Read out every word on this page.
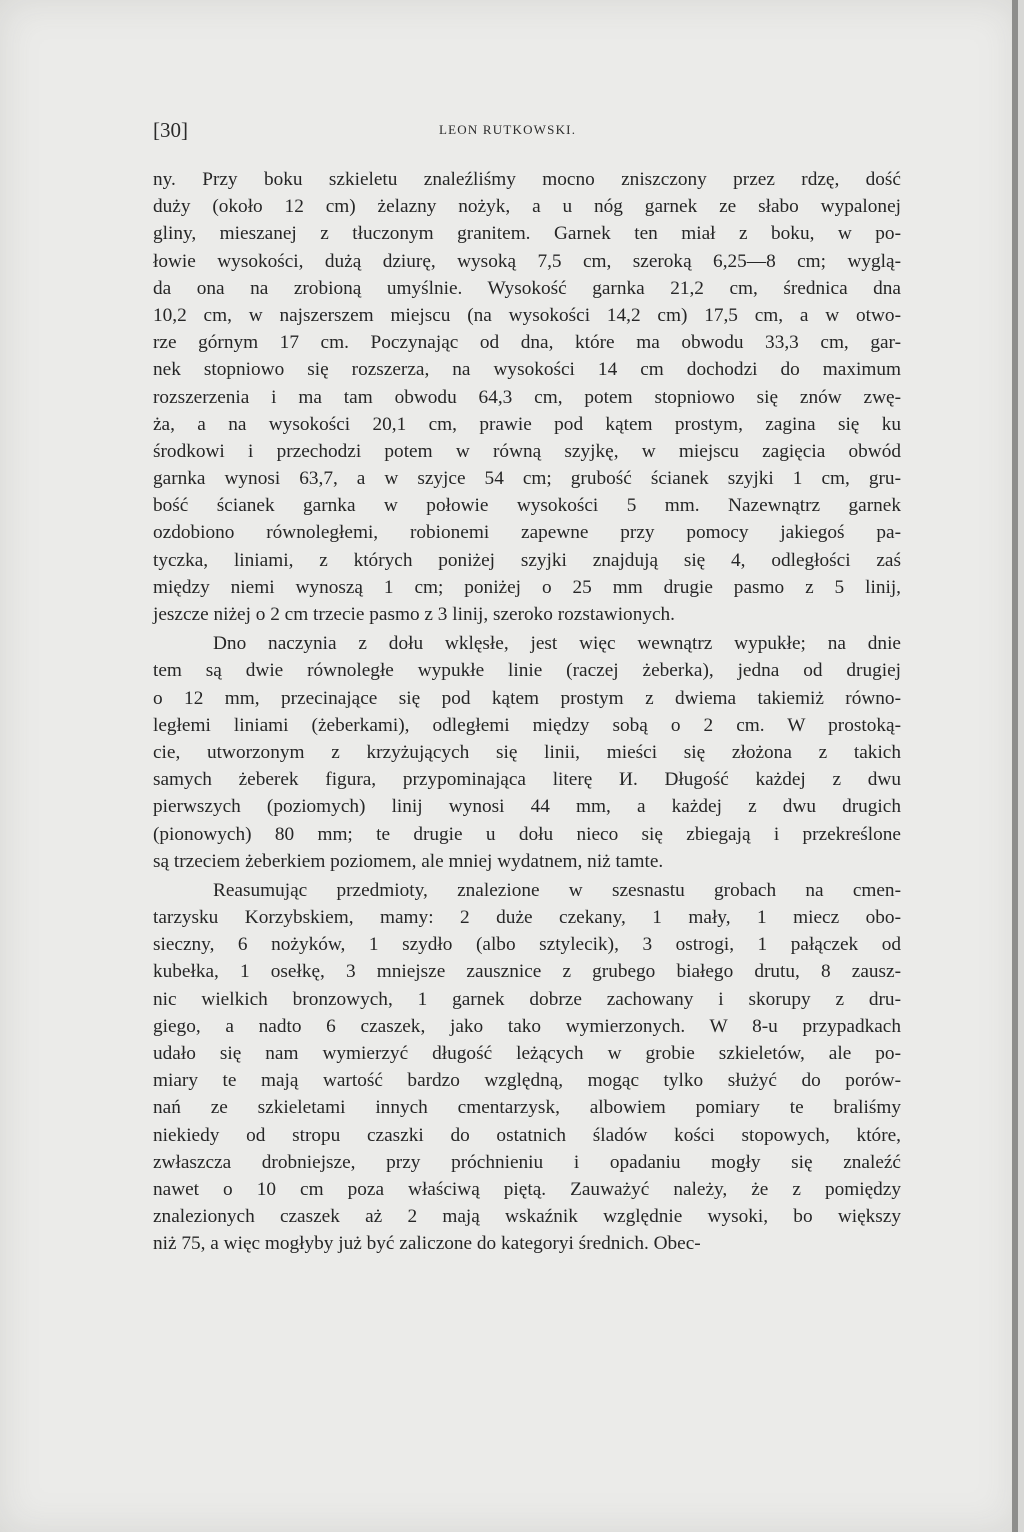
[30]	LEON RUTKOWSKI.
ny. Przy boku szkieletu znaleźliśmy mocno zniszczony przez rdzę, dość
duży (około 12 cm) żelazny nożyk, a u nóg garnek ze słabo wypalonej
gliny, mieszanej z tłuczonym granitem. Garnek ten miał z boku, w po-
łowie wysokości, dużą dziurę, wysoką 7,5 cm, szeroką 6,25—8 cm; wyglą-
da ona na zrobioną umyślnie. Wysokość garnka 21,2 cm, średnica dna
10,2 cm, w najszerszem miejscu (na wysokości 14,2 cm) 17,5 cm, a w otwo-
rze górnym 17 cm. Poczynając od dna, które ma obwodu 33,3 cm, gar-
nek stopniowo się rozszerza, na wysokości 14 cm dochodzi do maximum
rozszerzenia i ma tam obwodu 64,3 cm, potem stopniowo się znów zwę-
ża, a na wysokości 20,1 cm, prawie pod kątem prostym, zagina się ku
środkowi i przechodzi potem w równą szyjkę, w miejscu zagięcia obwód
garnka wynosi 63,7, a w szyjce 54 cm; grubość ścianek szyjki 1 cm, gru-
bość ścianek garnka w połowie wysokości 5 mm. Nazewnątrz garnek
ozdobiono równoległemi, robionemi zapewne przy pomocy jakiegoś pa-
tyczka, liniami, z których poniżej szyjki znajdują się 4, odległości zaś
między niemi wynoszą 1 cm; poniżej o 25 mm drugie pasmo z 5 linij,
jeszcze niżej o 2 cm trzecie pasmo z 3 linij, szeroko rozstawionych.
Dno naczynia z dołu wklęsłe, jest więc wewnątrz wypukłe; na dnie
tem są dwie równoległe wypukłe linie (raczej żeberka), jedna od drugiej
o 12 mm, przecinające się pod kątem prostym z dwiema takiemiż równo-
ległemi liniami (żeberkami), odległemi między sobą o 2 cm. W prostoką-
cie, utworzonym z krzyżujących się linii, mieści się złożona z takich
samych żeberek figura, przypominająca literę И. Długość każdej z dwu
pierwszych (poziomych) linij wynosi 44 mm, a każdej z dwu drugich
(pionowych) 80 mm; te drugie u dołu nieco się zbiegają i przekreślone
są trzeciem żeberkiem poziomem, ale mniej wydatnem, niż tamte.
Reasumując przedmioty, znalezione w szesnastu grobach na cmen-
tarzysku Korzybskiem, mamy: 2 duże czekany, 1 mały, 1 miecz obo-
sieczny, 6 nożyków, 1 szydło (albo sztylecik), 3 ostrogi, 1 pałączek od
kubełka, 1 osełkę, 3 mniejsze zausznice z grubego białego drutu, 8 zausz-
nic wielkich bronzowych, 1 garnek dobrze zachowany i skorupy z dru-
giego, a nadto 6 czaszek, jako tako wymierzonych. W 8-u przypadkach
udało się nam wymierzyć długość leżących w grobie szkieletów, ale po-
miary te mają wartość bardzo względną, mogąc tylko służyć do porów-
nań ze szkieletami innych cmentarzysk, albowiem pomiary te braliśmy
niekiedy od stropu czaszki do ostatnich śladów kości stopowych, które,
zwłaszcza drobniejsze, przy próchnieniu i opadaniu mogły się znaleźć
nawet o 10 cm poza właściwą piętą. Zauważyć należy, że z pomiędzy
znalezionych czaszek aż 2 mają wskaźnik względnie wysoki, bo większy
niż 75, a więc mogłyby już być zaliczone do kategoryi średnich. Obec-
